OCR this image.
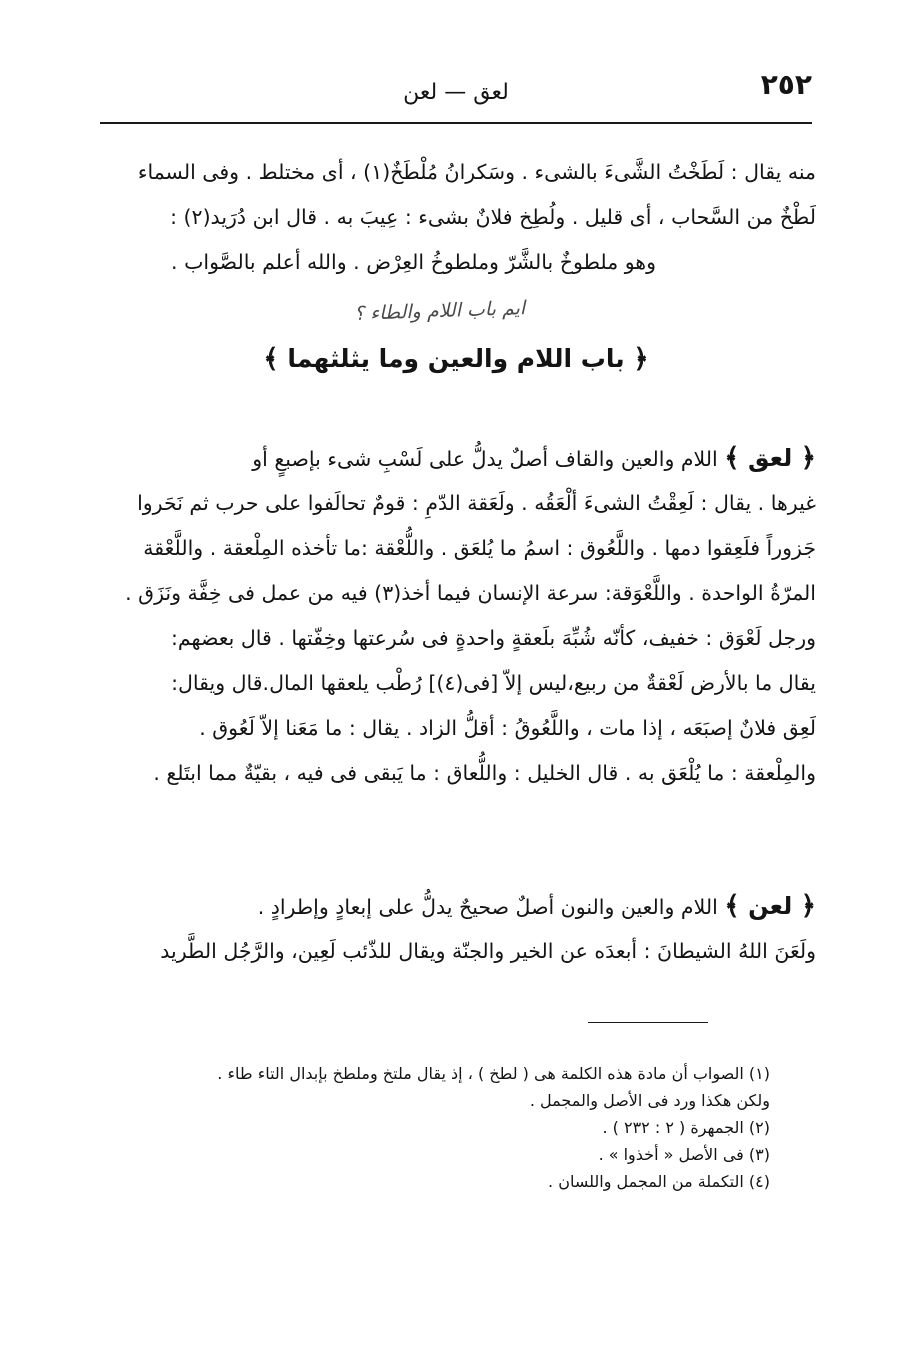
٢٥٢
لعق — لعن
منه يقال : لَطَخْتُ الشَّىءَ بالشىء . وسَكرانُ مُلْطَخٌ(١) ، أى مختلط . وفى السماء
لَطْخٌ من السَّحاب ، أى قليل . ولُطِخ فلانٌ بشىء : عِيبَ به . قال ابن دُرَيد(٢) :
وهو ملطوخٌ بالشَّرّ وملطوخُ العِرْض . والله أعلم بالصَّواب .
ايم باب اللام والطاء ؟
﴿ باب اللام والعين وما يثلثهما ﴾
﴿ لعق ﴾ اللام والعين والقاف أصلٌ يدلُّ على لَسْبِ شىء بإصبعٍ أو
غيرها . يقال : لَعِقْتُ الشىءَ ألْعَقُه . ولَعَقة الدّمِ : قومٌ تحالَفوا على حرب ثم نَحَروا
جَزوراً فلَعِقوا دمها . واللَّعُوق : اسمُ ما يُلعَق . واللُّعْقة :ما تأخذه المِلْعقة . واللَّعْقة
المرّةُ الواحدة . واللَّعْوَقة: سرعة الإنسان فيما أخذ(٣) فيه من عمل فى خِفَّة ونَزَق .
ورجل لَعْوَق : خفيف، كأنّه شُبِّهَ بلَعقةٍ واحدةٍ فى سُرعتها وخِفّتها . قال بعضهم:
يقال ما بالأرض لَعْقةٌ من ربيع،ليس إلاّ [فى(٤)] رُطْب يلعقها المال.قال ويقال:
لَعِق فلانٌ إصبَعَه ، إذا مات ، واللَّعُوقُ : أقلُّ الزاد . يقال : ما مَعَنا إلاّ لَعُوق .
والمِلْعقة : ما يُلْعَق به . قال الخليل : واللُّعاق : ما يَبقى فى فيه ، بقيّةٌ مما ابتَلع .
﴿ لعن ﴾ اللام والعين والنون أصلٌ صحيحٌ يدلُّ على إبعادٍ وإطرادٍ .
ولَعَنَ اللهُ الشيطانَ : أبعدَه عن الخير والجنّة ويقال للذّئب لَعِين، والرَّجُل الطَّريد
(١) الصواب أن مادة هذه الكلمة هى ( لطخ ) ، إذ يقال ملتخ وملطخ بإبدال التاء طاء .
ولكن هكذا ورد فى الأصل والمجمل .
(٢) الجمهرة ( ٢ : ٢٣٢ ) .
(٣) فى الأصل « أخذوا » .
(٤) التكملة من المجمل واللسان .
